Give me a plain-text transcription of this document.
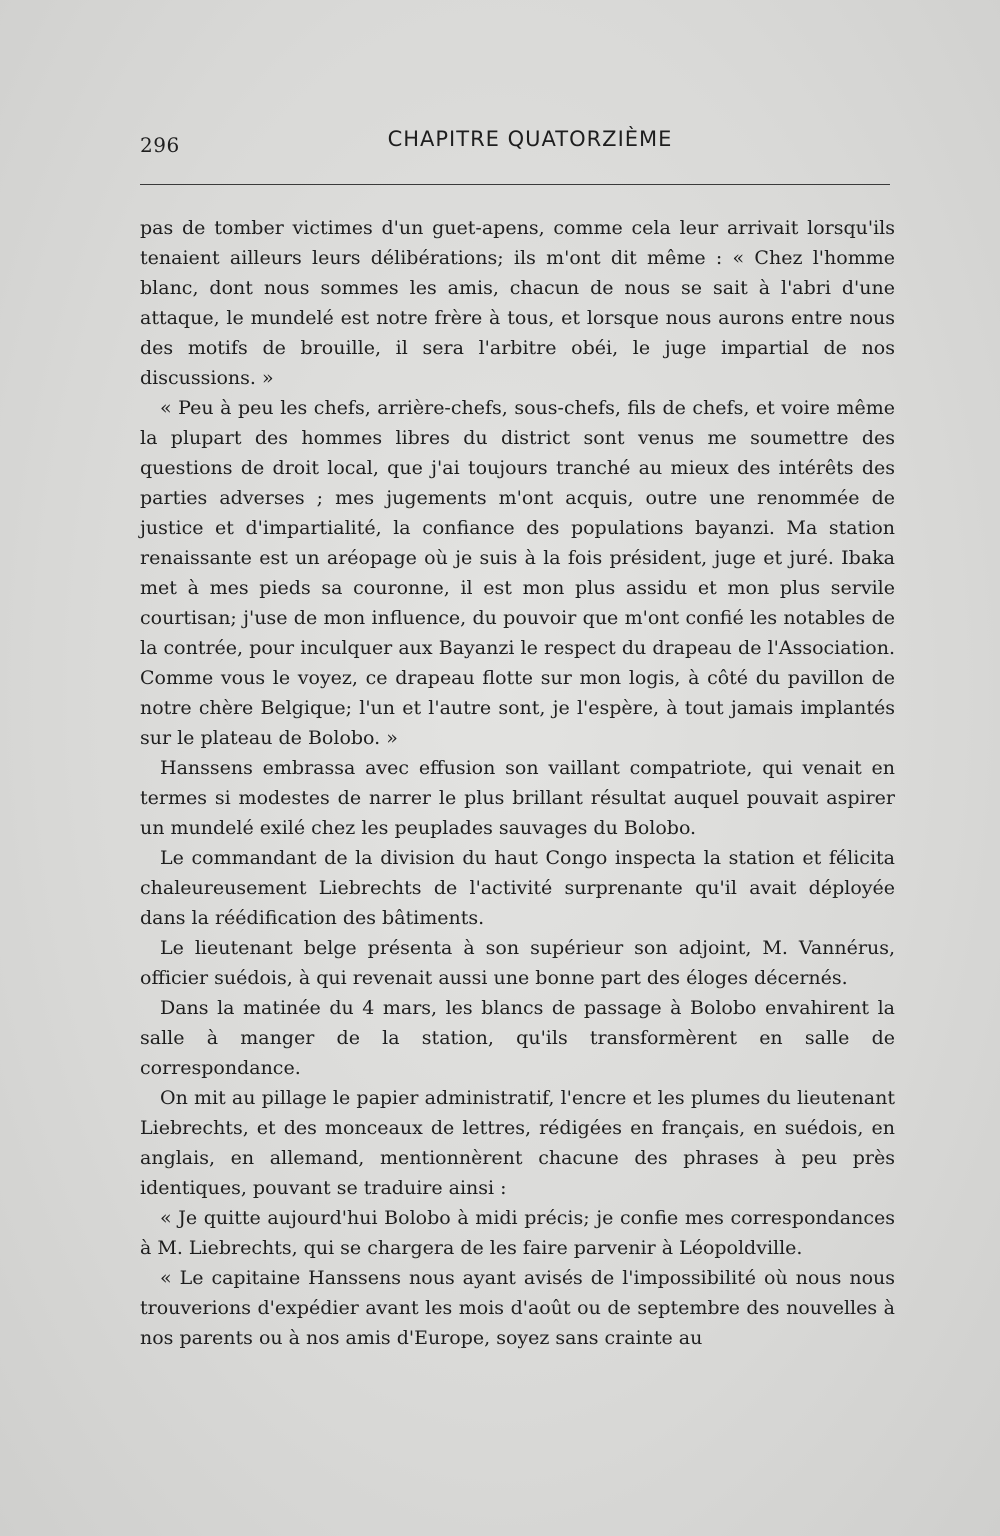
296	CHAPITRE QUATORZIÈME

pas de tomber victimes d'un guet-apens, comme cela leur arrivait lorsqu'ils tenaient ailleurs leurs délibérations; ils m'ont dit même : « Chez l'homme blanc, dont nous sommes les amis, chacun de nous se sait à l'abri d'une attaque, le mundelé est notre frère à tous, et lorsque nous aurons entre nous des motifs de brouille, il sera l'arbitre obéi, le juge impartial de nos discussions. »

« Peu à peu les chefs, arrière-chefs, sous-chefs, fils de chefs, et voire même la plupart des hommes libres du district sont venus me soumettre des questions de droit local, que j'ai toujours tranché au mieux des intérêts des parties adverses ; mes jugements m'ont acquis, outre une renommée de justice et d'impartialité, la confiance des populations bayanzi. Ma station renaissante est un aréopage où je suis à la fois président, juge et juré. Ibaka met à mes pieds sa couronne, il est mon plus assidu et mon plus servile courtisan; j'use de mon influence, du pouvoir que m'ont confié les notables de la contrée, pour inculquer aux Bayanzi le respect du drapeau de l'Association. Comme vous le voyez, ce drapeau flotte sur mon logis, à côté du pavillon de notre chère Belgique; l'un et l'autre sont, je l'espère, à tout jamais implantés sur le plateau de Bolobo. »

Hanssens embrassa avec effusion son vaillant compatriote, qui venait en termes si modestes de narrer le plus brillant résultat auquel pouvait aspirer un mundelé exilé chez les peuplades sauvages du Bolobo.

Le commandant de la division du haut Congo inspecta la station et félicita chaleureusement Liebrechts de l'activité surprenante qu'il avait déployée dans la réédification des bâtiments.

Le lieutenant belge présenta à son supérieur son adjoint, M. Vannérus, officier suédois, à qui revenait aussi une bonne part des éloges décernés.

Dans la matinée du 4 mars, les blancs de passage à Bolobo envahirent la salle à manger de la station, qu'ils transformèrent en salle de correspondance.

On mit au pillage le papier administratif, l'encre et les plumes du lieutenant Liebrechts, et des monceaux de lettres, rédigées en français, en suédois, en anglais, en allemand, mentionnèrent chacune des phrases à peu près identiques, pouvant se traduire ainsi :

« Je quitte aujourd'hui Bolobo à midi précis; je confie mes correspondances à M. Liebrechts, qui se chargera de les faire parvenir à Léopoldville.

« Le capitaine Hanssens nous ayant avisés de l'impossibilité où nous nous trouverions d'expédier avant les mois d'août ou de septembre des nouvelles à nos parents ou à nos amis d'Europe, soyez sans crainte au
